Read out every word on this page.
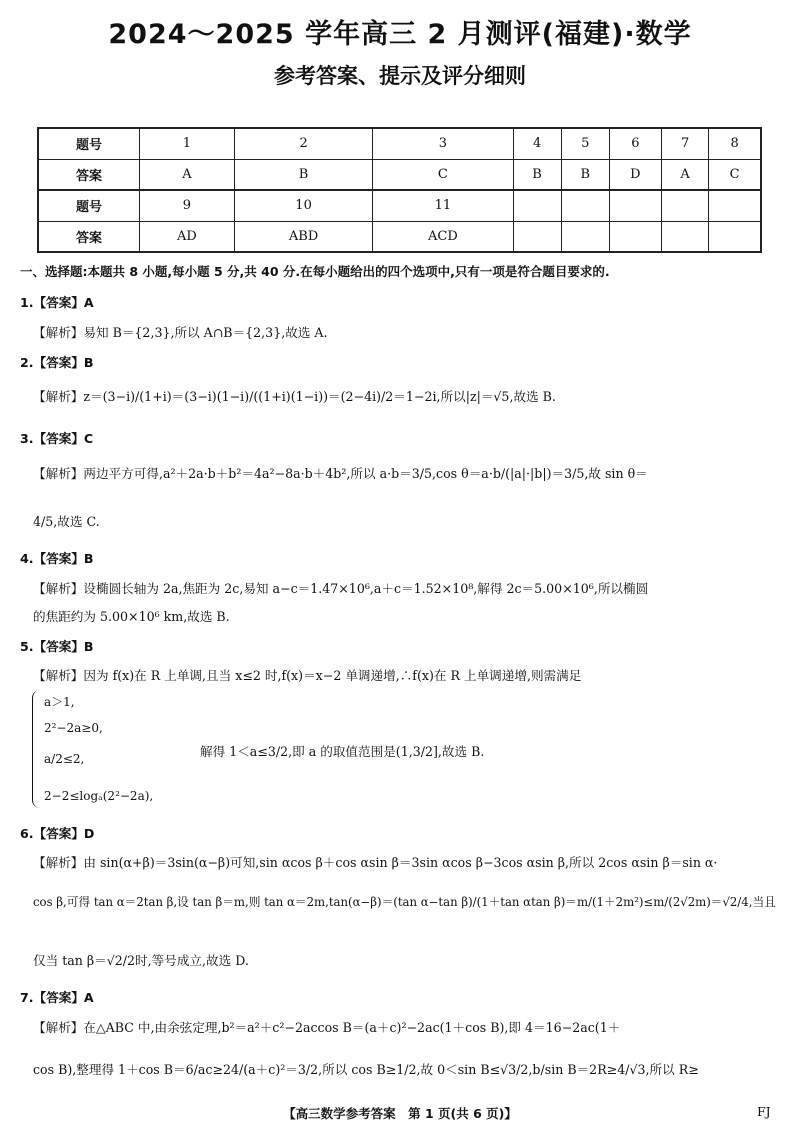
2024～2025 学年高三 2 月测评(福建)·数学
参考答案、提示及评分细则
题号	1	2	3	4	5	6	7	8
答案	A	B	C	B	B	D	A	C
题号	9	10	11					
答案	AD	ABD	ACD					
一、选择题:本题共 8 小题,每小题 5 分,共 40 分.在每小题给出的四个选项中,只有一项是符合题目要求的.
1.【答案】A
【解析】易知 B＝{2,3},所以 A∩B＝{2,3},故选 A.
2.【答案】B
【解析】z＝(3−i)/(1+i)＝(3−i)(1−i)/((1+i)(1−i))＝(2−4i)/2＝1−2i,所以|z|＝√5,故选 B.
3.【答案】C
【解析】两边平方可得,a²＋2a·b＋b²＝4a²−8a·b＋4b²,所以 a·b＝3/5,cos θ＝a·b/(|a|·|b|)＝3/5,故 sin θ＝
4/5,故选 C.
4.【答案】B
【解析】设椭圆长轴为 2a,焦距为 2c,易知 a−c＝1.47×10⁶,a＋c＝1.52×10⁸,解得 2c＝5.00×10⁶,所以椭圆
的焦距约为 5.00×10⁶ km,故选 B.
5.【答案】B
【解析】因为 f(x)在 R 上单调,且当 x≤2 时,f(x)＝x−2 单调递增,∴f(x)在 R 上单调递增,则需满足
a＞1,
2²−2a≥0,
a/2≤2,
2−2≤logₐ(2²−2a),
解得 1＜a≤3/2,即 a 的取值范围是(1,3/2],故选 B.
6.【答案】D
【解析】由 sin(α+β)＝3sin(α−β)可知,sin αcos β＋cos αsin β＝3sin αcos β−3cos αsin β,所以 2cos αsin β＝sin α·
cos β,可得 tan α＝2tan β,设 tan β＝m,则 tan α＝2m,tan(α−β)＝(tan α−tan β)/(1＋tan αtan β)＝m/(1＋2m²)≤m/(2√2m)＝√2/4,当且
仅当 tan β＝√2/2时,等号成立,故选 D.
7.【答案】A
【解析】在△ABC 中,由余弦定理,b²＝a²＋c²−2accos B＝(a＋c)²−2ac(1＋cos B),即 4＝16−2ac(1＋
cos B),整理得 1＋cos B＝6/ac≥24/(a＋c)²＝3/2,所以 cos B≥1/2,故 0＜sin B≤√3/2,b/sin B＝2R≥4/√3,所以 R≥
【高三数学参考答案　第 1 页(共 6 页)】	FJ
